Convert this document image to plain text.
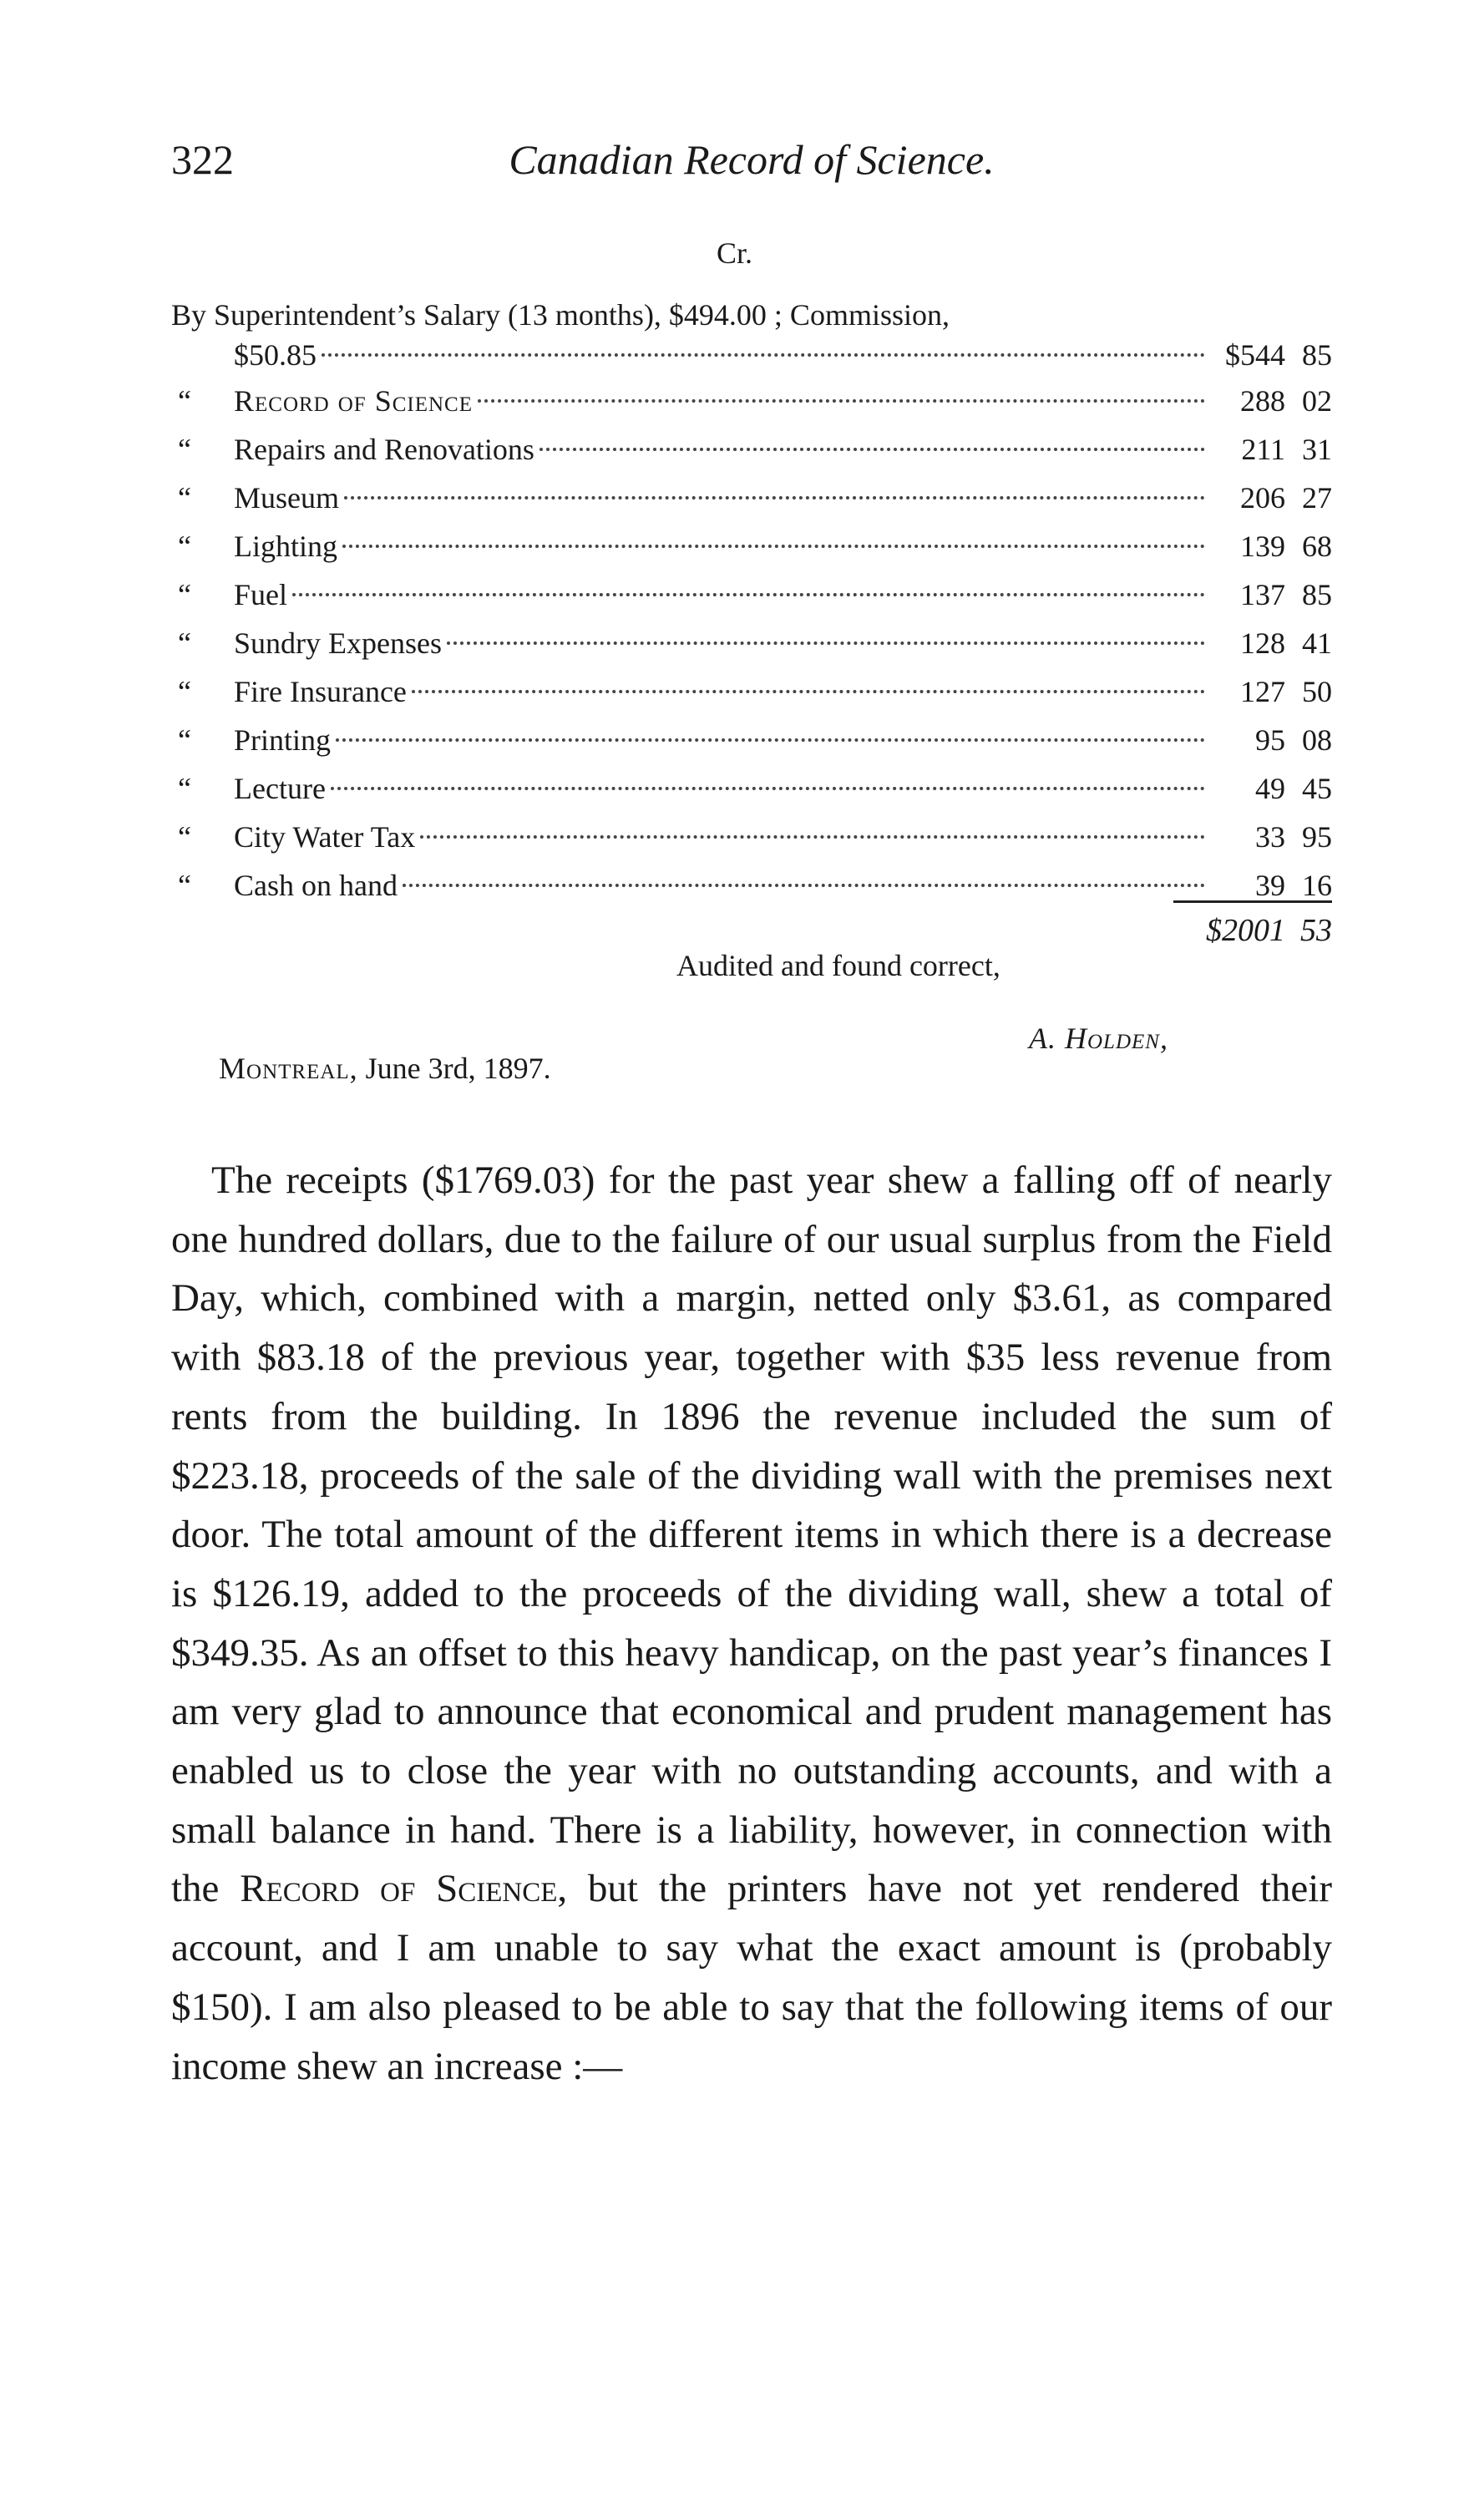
322	Canadian Record of Science.
Cr.
By Superintendent’s Salary (13 months), $494.00 ; Commission,
$50.85	$544 85
“	Record of Science	288 02
“	Repairs and Renovations	211 31
“	Museum	206 27
“	Lighting	139 68
“	Fuel	137 85
“	Sundry Expenses	128 41
“	Fire Insurance	127 50
“	Printing	95 08
“	Lecture	49 45
“	City Water Tax	33 95
“	Cash on hand	39 16
$2001 53
Audited and found correct,
A. Holden,
Montreal, June 3rd, 1897.

The receipts ($1769.03) for the past year shew a falling off of nearly one hundred dollars, due to the failure of our usual surplus from the Field Day, which, combined with a margin, netted only $3.61, as compared with $83.18 of the previous year, together with $35 less revenue from rents from the building. In 1896 the revenue included the sum of $223.18, proceeds of the sale of the dividing wall with the premises next door. The total amount of the different items in which there is a decrease is $126.19, added to the proceeds of the dividing wall, shew a total of $349.35. As an offset to this heavy handicap, on the past year’s finances I am very glad to announce that economical and prudent management has enabled us to close the year with no outstanding accounts, and with a small balance in hand. There is a liability, however, in connection with the Record of Science, but the printers have not yet rendered their account, and I am unable to say what the exact amount is (probably $150). I am also pleased to be able to say that the following items of our income shew an increase :—
